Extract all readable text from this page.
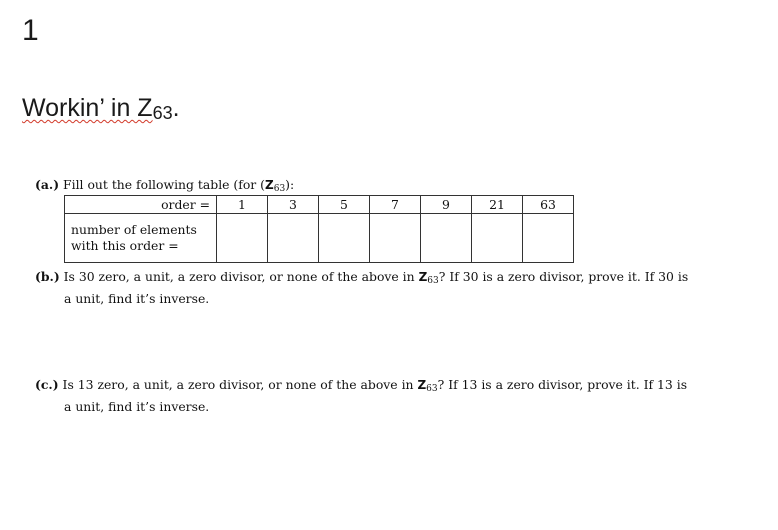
1
Workin’ in $Z_{63}$.
(a.) Fill out the following table (for $(Z_{63})$:
order =	1	3	5	7	9	21	63

number of elements
with this order =							

(b.) Is 30 zero, a unit, a zero divisor, or none of the above in $Z_{63}$? If 30 is a zero divisor, prove it. If 30 is
a unit, find it’s inverse.
(c.) Is 13 zero, a unit, a zero divisor, or none of the above in $Z_{63}$? If 13 is a zero divisor, prove it. If 13 is
a unit, find it’s inverse.
